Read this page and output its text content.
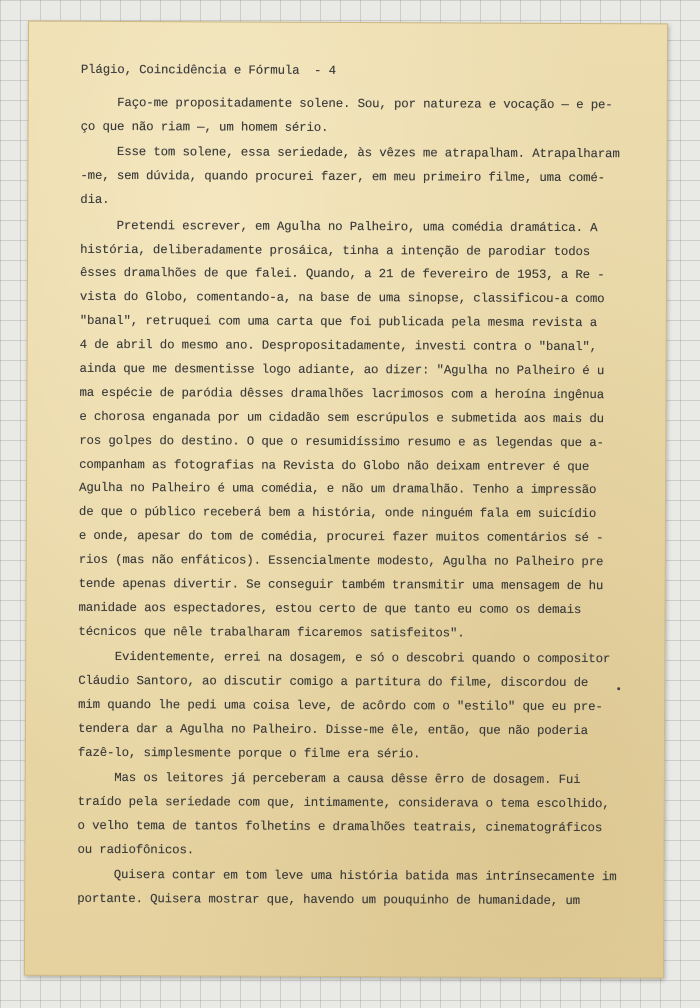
Plágio, Coincidência e Fórmula  - 4
Faço-me propositadamente solene. Sou, por natureza e vocação — e pe-
ço que não riam —, um homem sério.
Esse tom solene, essa seriedade, às vêzes me atrapalham. Atrapalharam
-me, sem dúvida, quando procurei fazer, em meu primeiro filme, uma comé-
dia.
Pretendi escrever, em Agulha no Palheiro, uma comédia dramática. A
história, deliberadamente prosáica, tinha a intenção de parodiar todos
êsses dramalhões de que falei. Quando, a 21 de fevereiro de 1953, a Re -
vista do Globo, comentando-a, na base de uma sinopse, classificou-a como
"banal", retruquei com uma carta que foi publicada pela mesma revista a
4 de abril do mesmo ano. Despropositadamente, investi contra o "banal",
ainda que me desmentisse logo adiante, ao dizer: "Agulha no Palheiro é u
ma espécie de paródia dêsses dramalhões lacrimosos com a heroína ingênua
e chorosa enganada por um cidadão sem escrúpulos e submetida aos mais du
ros golpes do destino. O que o resumidíssimo resumo e as legendas que a-
companham as fotografias na Revista do Globo não deixam entrever é que
Agulha no Palheiro é uma comédia, e não um dramalhão. Tenho a impressão
de que o público receberá bem a história, onde ninguém fala em suicídio
e onde, apesar do tom de comédia, procurei fazer muitos comentários sé -
rios (mas não enfáticos). Essencialmente modesto, Agulha no Palheiro pre
tende apenas divertir. Se conseguir também transmitir uma mensagem de hu
manidade aos espectadores, estou certo de que tanto eu como os demais
técnicos que nêle trabalharam ficaremos satisfeitos".
Evidentemente, errei na dosagem, e só o descobri quando o compositor
Cláudio Santoro, ao discutir comigo a partitura do filme, discordou de
mim quando lhe pedi uma coisa leve, de acôrdo com o "estilo" que eu pre-
tendera dar a Agulha no Palheiro. Disse-me êle, então, que não poderia
fazê-lo, simplesmente porque o filme era sério.
Mas os leitores já perceberam a causa dêsse êrro de dosagem. Fui
traído pela seriedade com que, intimamente, considerava o tema escolhido,
o velho tema de tantos folhetins e dramalhões teatrais, cinematográficos
ou radiofônicos.
Quisera contar em tom leve uma história batida mas intrínsecamente im
portante. Quisera mostrar que, havendo um pouquinho de humanidade, um
